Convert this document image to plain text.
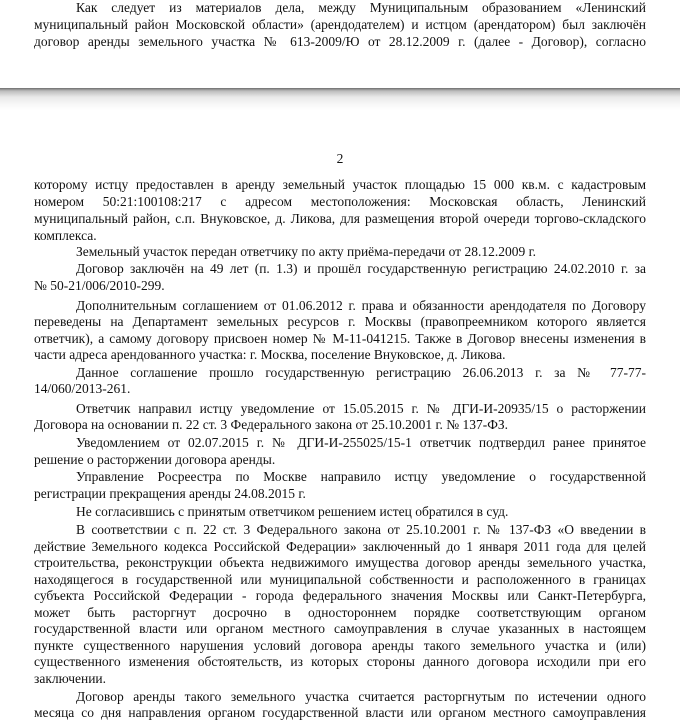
Как следует из материалов дела, между Муниципальным образованием «Ленинский
муниципальный район Московской области» (арендодателем) и истцом (арендатором) был заключён
договор аренды земельного участка № 613-2009/Ю от 28.12.2009 г. (далее - Договор), согласно
2
которому истцу предоставлен в аренду земельный участок площадью 15 000 кв.м. с кадастровым
номером 50:21:100108:217 с адресом местоположения: Московская область, Ленинский
муниципальный район, с.п. Внуковское, д. Ликова, для размещения второй очереди торгово-складского
комплекса.
Земельный участок передан ответчику по акту приёма-передачи от 28.12.2009 г.
Договор заключён на 49 лет (п. 1.3) и прошёл государственную регистрацию 24.02.2010 г. за
№ 50-21/006/2010-299.
Дополнительным соглашением от 01.06.2012 г. права и обязанности арендодателя по Договору
переведены на Департамент земельных ресурсов г. Москвы (правопреемником которого является
ответчик), а самому договору присвоен номер № М-11-041215. Также в Договор внесены изменения в
части адреса арендованного участка: г. Москва, поселение Внуковское, д. Ликова.
Данное соглашение прошло государственную регистрацию 26.06.2013 г. за № 77-77-
14/060/2013-261.
Ответчик направил истцу уведомление от 15.05.2015 г. № ДГИ-И-20935/15 о расторжении
Договора на основании п. 22 ст. 3 Федерального закона от 25.10.2001 г. № 137-ФЗ.
Уведомлением от 02.07.2015 г. № ДГИ-И-255025/15-1 ответчик подтвердил ранее принятое
решение о расторжении договора аренды.
Управление Росреестра по Москве направило истцу уведомление о государственной
регистрации прекращения аренды 24.08.2015 г.
Не согласившись с принятым ответчиком решением истец обратился в суд.
В соответствии с п. 22 ст. 3 Федерального закона от 25.10.2001 г. № 137-ФЗ «О введении в
действие Земельного кодекса Российской Федерации» заключенный до 1 января 2011 года для целей
строительства, реконструкции объекта недвижимого имущества договор аренды земельного участка,
находящегося в государственной или муниципальной собственности и расположенного в границах
субъекта Российской Федерации - города федерального значения Москвы или Санкт-Петербурга,
может быть расторгнут досрочно в одностороннем порядке соответствующим органом
государственной власти или органом местного самоуправления в случае указанных в настоящем
пункте существенного нарушения условий договора аренды такого земельного участка и (или)
существенного изменения обстоятельств, из которых стороны данного договора исходили при его
заключении.
Договор аренды такого земельного участка считается расторгнутым по истечении одного
месяца со дня направления органом государственной власти или органом местного самоуправления
